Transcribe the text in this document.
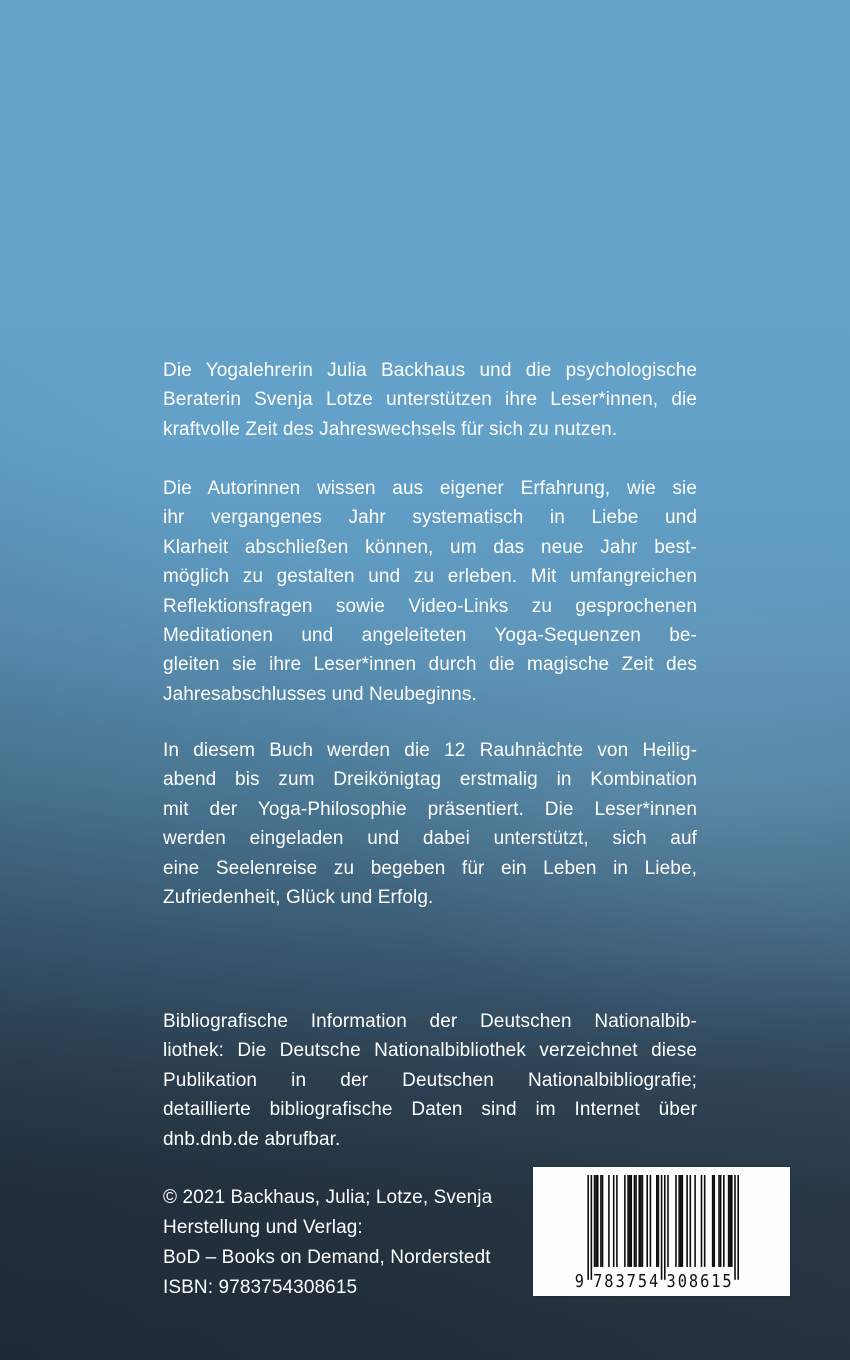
Die Yogalehrerin Julia Backhaus und die psychologische
Beraterin Svenja Lotze unterstützen ihre Leser*innen, die
kraftvolle Zeit des Jahreswechsels für sich zu nutzen.
Die Autorinnen wissen aus eigener Erfahrung, wie sie
ihr vergangenes Jahr systematisch in Liebe und
Klarheit abschließen können, um das neue Jahr best-
möglich zu gestalten und zu erleben. Mit umfangreichen
Reflektionsfragen sowie Video-Links zu gesprochenen
Meditationen und angeleiteten Yoga-Sequenzen be-
gleiten sie ihre Leser*innen durch die magische Zeit des
Jahresabschlusses und Neubeginns.
In diesem Buch werden die 12 Rauhnächte von Heilig-
abend bis zum Dreikönigtag erstmalig in Kombination
mit der Yoga-Philosophie präsentiert. Die Leser*innen
werden eingeladen und dabei unterstützt, sich auf
eine Seelenreise zu begeben für ein Leben in Liebe,
Zufriedenheit, Glück und Erfolg.
Bibliografische Information der Deutschen Nationalbib-
liothek: Die Deutsche Nationalbibliothek verzeichnet diese
Publikation in der Deutschen Nationalbibliografie;
detaillierte bibliografische Daten sind im Internet über
dnb.dnb.de abrufbar.
© 2021 Backhaus, Julia; Lotze, Svenja
Herstellung und Verlag:
BoD – Books on Demand, Norderstedt
ISBN: 9783754308615	9 7 8 3 7 5 4 3 0 8 6 1 5
